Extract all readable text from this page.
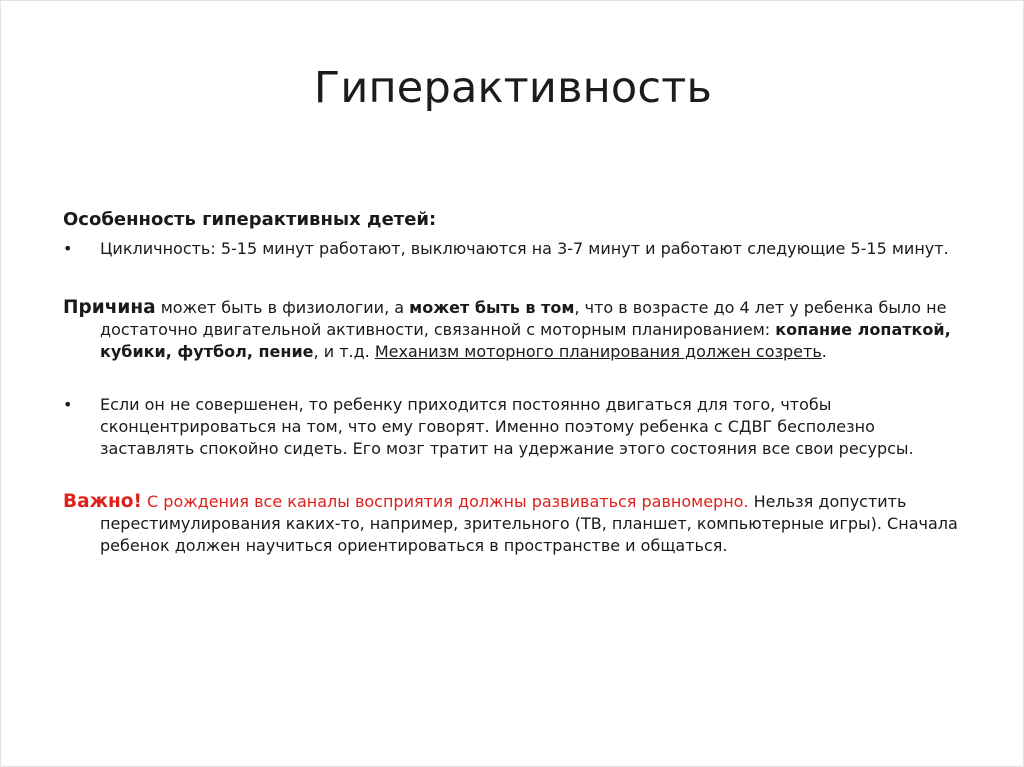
Гиперактивность

Особенность гиперактивных детей:

•	Цикличность: 5-15 минут работают, выключаются на 3-7 минут и работают следующие 5-15 минут.

Причина может быть в физиологии, а может быть в том, что в возрасте до 4 лет у ребенка было не достаточно двигательной активности, связанной с моторным планированием: копание лопаткой, кубики, футбол, пение, и т.д. Механизм моторного планирования должен созреть.

•	Если он не совершенен, то ребенку приходится постоянно двигаться для того, чтобы сконцентрироваться на том, что ему говорят. Именно поэтому ребенка с СДВГ бесполезно заставлять спокойно сидеть. Его мозг тратит на удержание этого состояния все свои ресурсы.

Важно! С рождения все каналы восприятия должны развиваться равномерно. Нельзя допустить перестимулирования каких-то, например, зрительного (ТВ, планшет, компьютерные игры). Сначала ребенок должен научиться ориентироваться в пространстве и общаться.
